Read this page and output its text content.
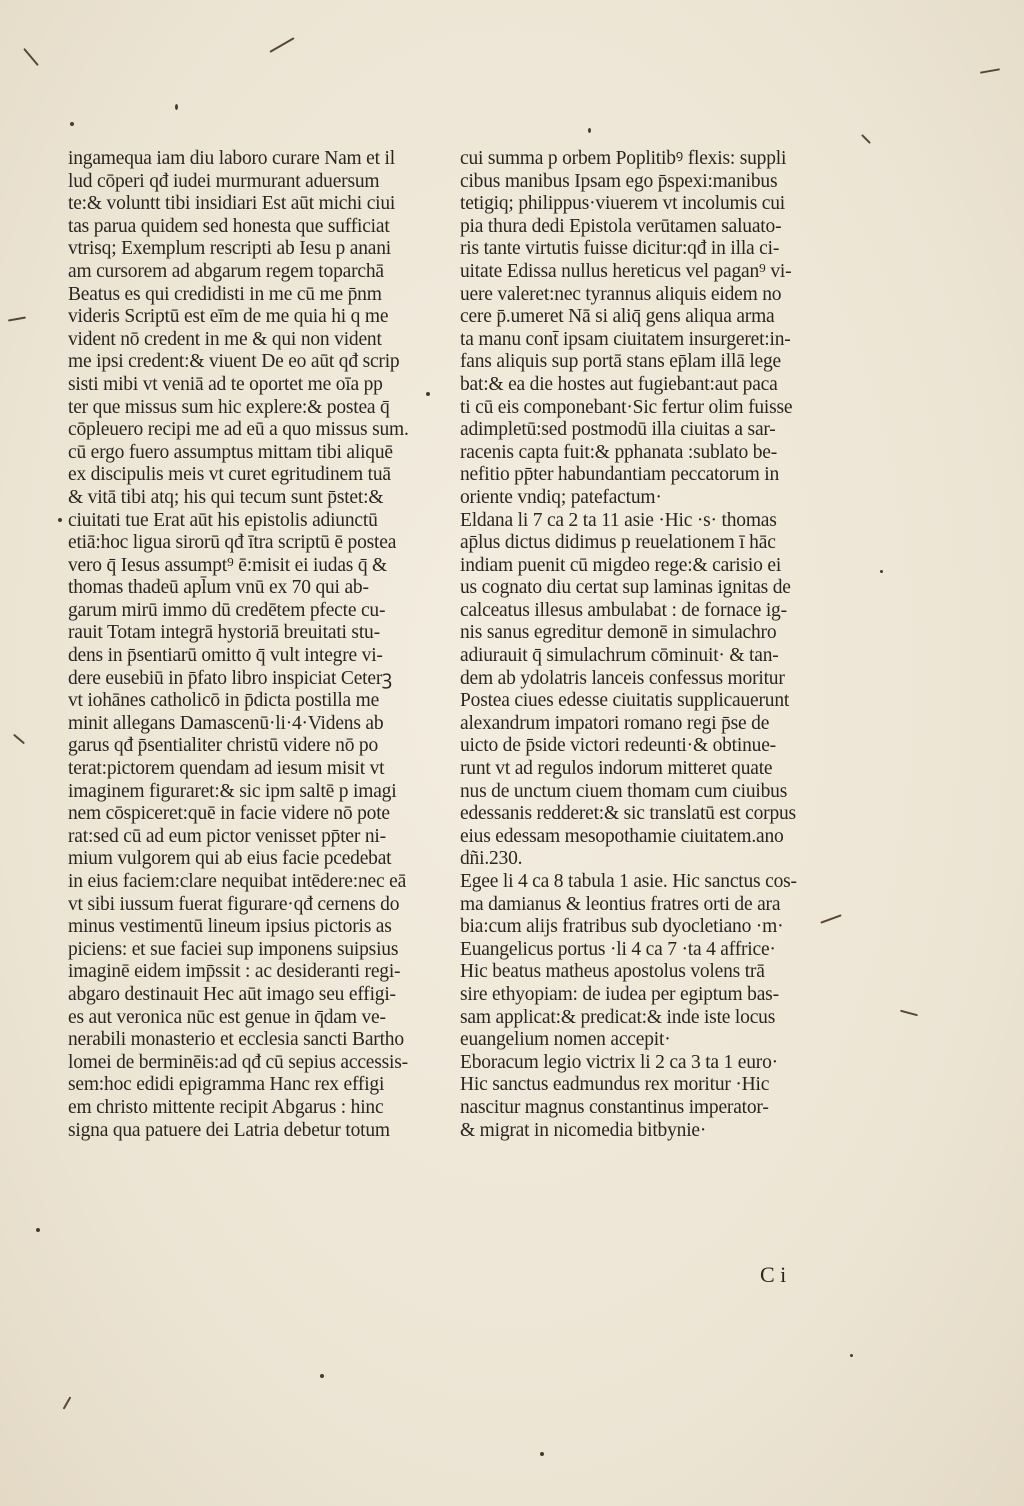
ingamequa iam diu laboro curare Nam et il
lud cōperi qđ iudei murmurant aduersum
te:& voluntt tibi insidiari Est aūt michi ciui
tas parua quidem sed honesta que sufficiat
vtrisq; Exemplum rescripti ab Iesu p anani
am cursorem ad abgarum regem toparchā
Beatus es qui credidisti in me cū me p̄nm
videris Scriptū est eīm de me quia hi q me
vident nō credent in me & qui non vident
me ipsi credent:& viuent De eo aūt qđ scrip
sisti mibi vt veniā ad te oportet me oīa pp
ter que missus sum hic explere:& postea q̄
cōpleuero recipi me ad eū a quo missus sum.
cū ergo fuero assumptus mittam tibi aliquē
ex discipulis meis vt curet egritudinem tuā
& vitā tibi atq; his qui tecum sunt p̄stet:&
ciuitati tue Erat aūt his epistolis adiunctū
etiā:hoc ligua sirorū qđ ītra scriptū ē postea
vero q̄ Iesus assumpt⁹ ē:misit ei iudas q̄ &
thomas thadeū apl̄um vnū ex 70 qui ab-
garum mirū immo dū credētem pfecte cu-
rauit Totam integrā hystoriā breuitati stu-
dens in p̄sentiarū omitto q̄ vult integre vi-
dere eusebiū in p̄fato libro inspiciat Ceterꝫ
vt iohānes catholicō in p̄dicta postilla me
minit allegans Damascenū·li·4·Videns ab
garus qđ p̄sentialiter christū videre nō po
terat:pictorem quendam ad iesum misit vt
imaginem figuraret:& sic ipm saltē p imagi
nem cōspiceret:quē in facie videre nō pote
rat:sed cū ad eum pictor venisset pp̄ter ni-
mium vulgorem qui ab eius facie pcedebat
in eius faciem:clare nequibat intēdere:nec eā
vt sibi iussum fuerat figurare·qđ cernens do
minus vestimentū lineum ipsius pictoris as
piciens: et sue faciei sup imponens suipsius
imaginē eidem imp̄ssit : ac desideranti regi-
abgaro destinauit Hec aūt imago seu effigi-
es aut veronica nūc est genue in q̄dam ve-
nerabili monasterio et ecclesia sancti Bartho
lomei de berminēis:ad qđ cū sepius accessis-
sem:hoc edidi epigramma Hanc rex effigi
em christo mittente recipit Abgarus : hinc
signa qua patuere dei Latria debetur totum
cui summa p orbem Poplitibꝰ flexis: suppli
cibus manibus Ipsam ego p̄spexi:manibus
tetigiq; philippus·viuerem vt incolumis cui
pia thura dedi Epistola verūtamen saluato-
ris tante virtutis fuisse dicitur:qđ in illa ci-
uitate Edissa nullus hereticus vel pagan⁹ vi-
uere valeret:nec tyrannus aliquis eidem no
cere p̄.umeret Nā si aliq̄ gens aliqua arma
ta manu cont̄ ipsam ciuitatem insurgeret:in-
fans aliquis sup portā stans ep̄lam illā lege
bat:& ea die hostes aut fugiebant:aut paca
ti cū eis componebant·Sic fertur olim fuisse
adimpletū:sed postmodū illa ciuitas a sar-
racenis capta fuit:& pphanata :sublato be-
nefitio pp̄ter habundantiam peccatorum in
oriente vndiq; patefactum·
Eldana li 7 ca 2 ta 11 asie ·Hic ·s· thomas
ap̄lus dictus didimus p reuelationem ī hāc
indiam puenit cū migdeo rege:& carisio ei
us cognato diu certat sup laminas ignitas de
calceatus illesus ambulabat : de fornace ig-
nis sanus egreditur demonē in simulachro
adiurauit q̄ simulachrum cōminuit· & tan-
dem ab ydolatris lanceis confessus moritur
Postea ciues edesse ciuitatis supplicauerunt
alexandrum impatori romano regi p̄se de
uicto de p̄side victori redeunti·& obtinue-
runt vt ad regulos indorum mitteret quate
nus de unctum ciuem thomam cum ciuibus
edessanis redderet:& sic translatū est corpus
eius edessam mesopothamie ciuitatem.ano
dñi.230.
Egee li 4 ca 8 tabula 1 asie. Hic sanctus cos-
ma damianus & leontius fratres orti de ara
bia:cum alijs fratribus sub dyocletiano ·m·
Euangelicus portus ·li 4 ca 7 ·ta 4 affrice·
Hic beatus matheus apostolus volens trā
sire ethyopiam: de iudea per egiptum bas-
sam applicat:& predicat:& inde iste locus
euangelium nomen accepit·
Eboracum legio victrix li 2 ca 3 ta 1 euro·
Hic sanctus eadmundus rex moritur ·Hic
nascitur magnus constantinus imperator-
& migrat in nicomedia bitbynie·
C i
